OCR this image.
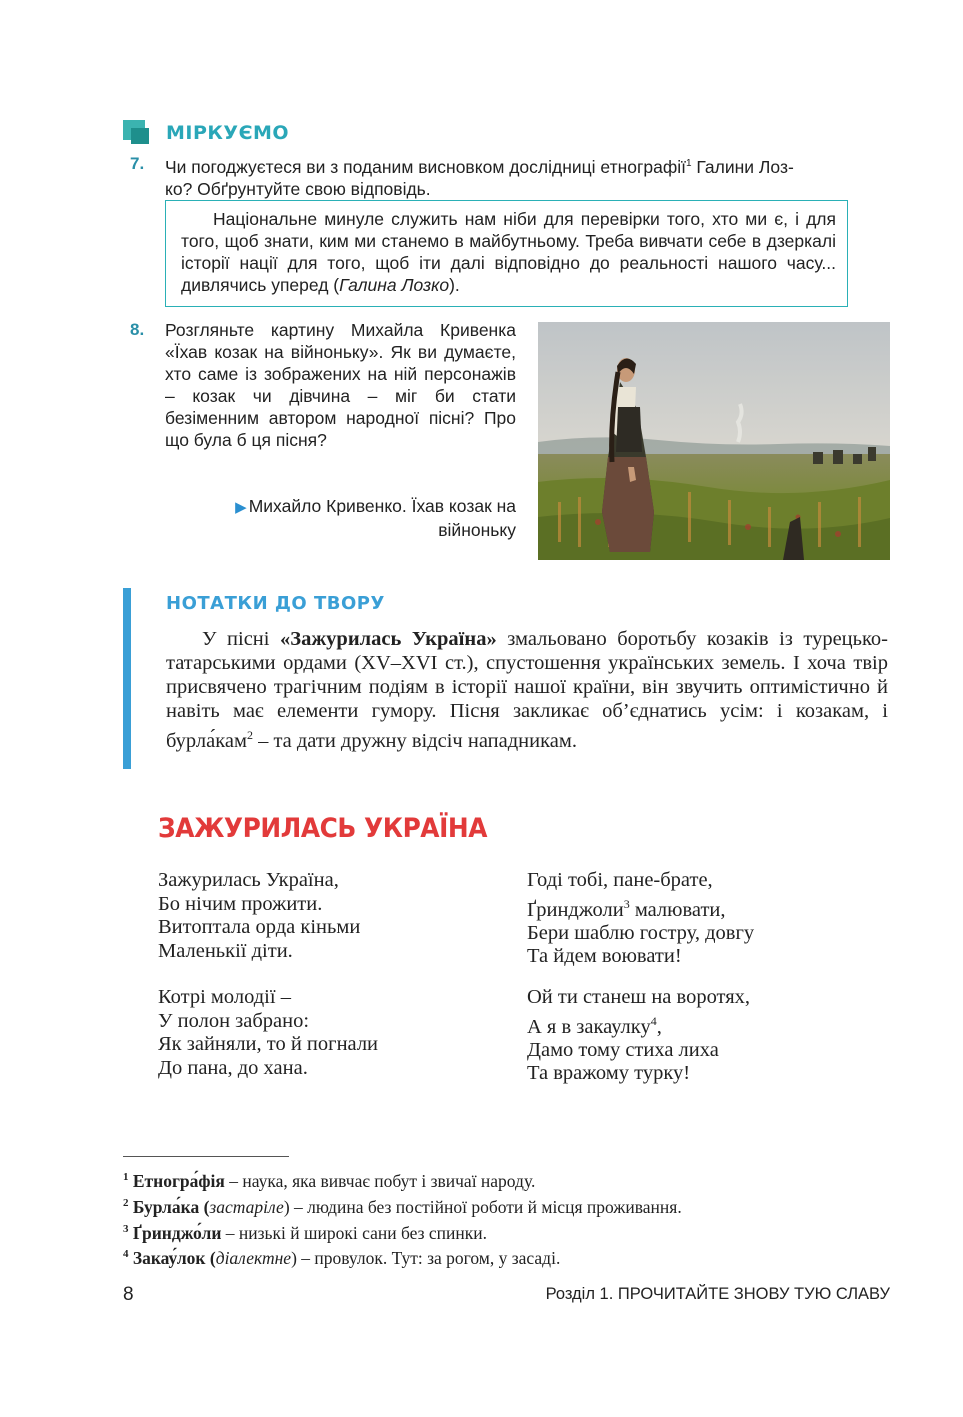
МІРКУЄМО
7. Чи погоджуєтеся ви з поданим висновком дослідниці етнографії$^1$ Галини Лоз-
ко? Обґрунтуйте свою відповідь.

Національне минуле служить нам ніби для перевірки того, хто ми є, і для того, щоб знати, ким ми станемо в майбутньому. Треба вивчати себе в дзеркалі історії нації для того, щоб іти далі відповідно до реальності нашого часу... дивлячись уперед (Галина Лозко).

8. Розгляньте картину Михайла Кривенка «Їхав козак на війноньку». Як ви думаєте, хто саме із зображених на ній персонажів – козак чи дівчина – міг би стати безіменним автором народної пісні? Про що була б ця пісня?
▶ Михайло Кривенко. Їхав козак на війноньку
НОТАТКИ ДО ТВОРУ

У пісні «Зажурилась Україна» змальовано боротьбу козаків із турецько-татарськими ордами (XV–XVI ст.), спустошення українських земель. І хоча твір присвячено трагічним подіям в історії нашої країни, він звучить оптимістично й навіть має елементи гумору. Пісня закликає об’єднатись усім: і козакам, і бурла́кам$^2$ – та дати дружну відсіч нападникам.

ЗАЖУРИЛАСЬ УКРАЇНА
Зажурилась Україна,
Бо нічим прожити.
Витоптала орда кіньми
Маленькії діти.
Котрі молодії –
У полон забрано:
Як зайняли, то й погнали
До пана, до хана.
Годі тобі, пане-брате,
Ґринджоли$^3$ малювати,
Бери шаблю гостру, довгу
Та йдем воювати!
Ой ти станеш на воротях,
А я в закаулку$^4$,
Дамо тому стиха лиха
Та вражому турку!
$^1$ Етногра́фія – наука, яка вивчає побут і звичаї народу.
$^2$ Бурла́ка (застаріле) – людина без постійної роботи й місця проживання.
$^3$ Ґринджо́ли – низькі й широкі сани без спинки.
$^4$ Закау́лок (діалектне) – провулок. Тут: за рогом, у засаді.
8	Розділ 1. ПРОЧИТАЙТЕ ЗНОВУ ТУЮ СЛАВУ
